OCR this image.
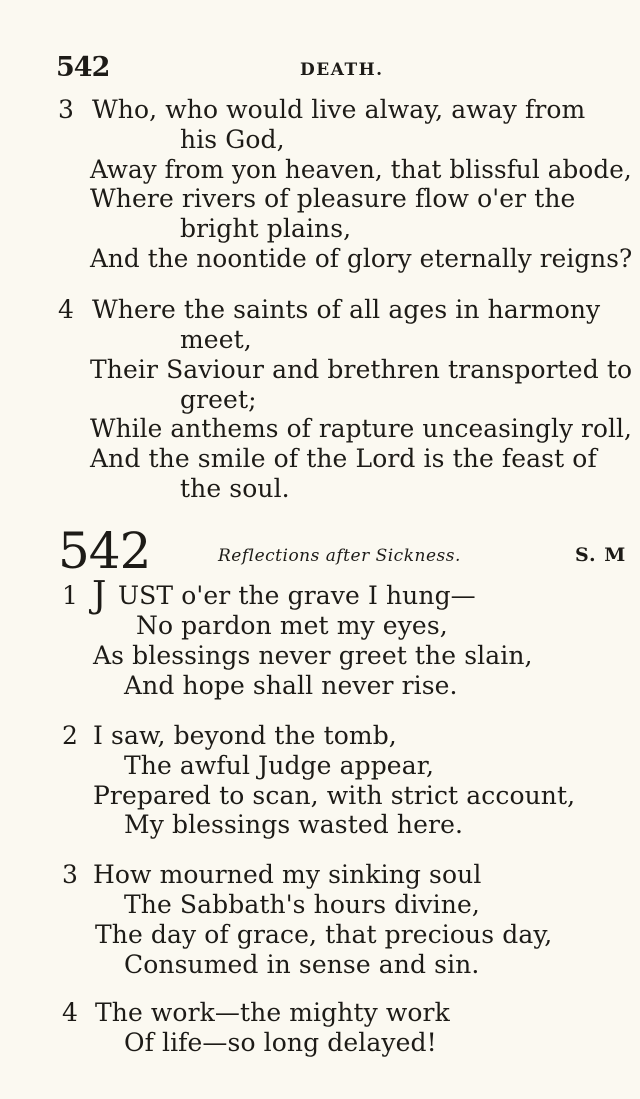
542	DEATH.
3 Who, who would live alway, away from
his God,
Away from yon heaven, that blissful abode,
Where rivers of pleasure flow o'er the
bright plains,
And the noontide of glory eternally reigns?
4 Where the saints of all ages in harmony
meet,
Their Saviour and brethren transported to
greet;
While anthems of rapture unceasingly roll,
And the smile of the Lord is the feast of
the soul.
542	Reflections after Sickness.	S. M
1 J UST o'er the grave I hung—
No pardon met my eyes,
As blessings never greet the slain,
And hope shall never rise.
2 I saw, beyond the tomb,
The awful Judge appear,
Prepared to scan, with strict account,
My blessings wasted here.
3 How mourned my sinking soul
The Sabbath's hours divine,
The day of grace, that precious day,
Consumed in sense and sin.
4 The work—the mighty work
Of life—so long delayed!
